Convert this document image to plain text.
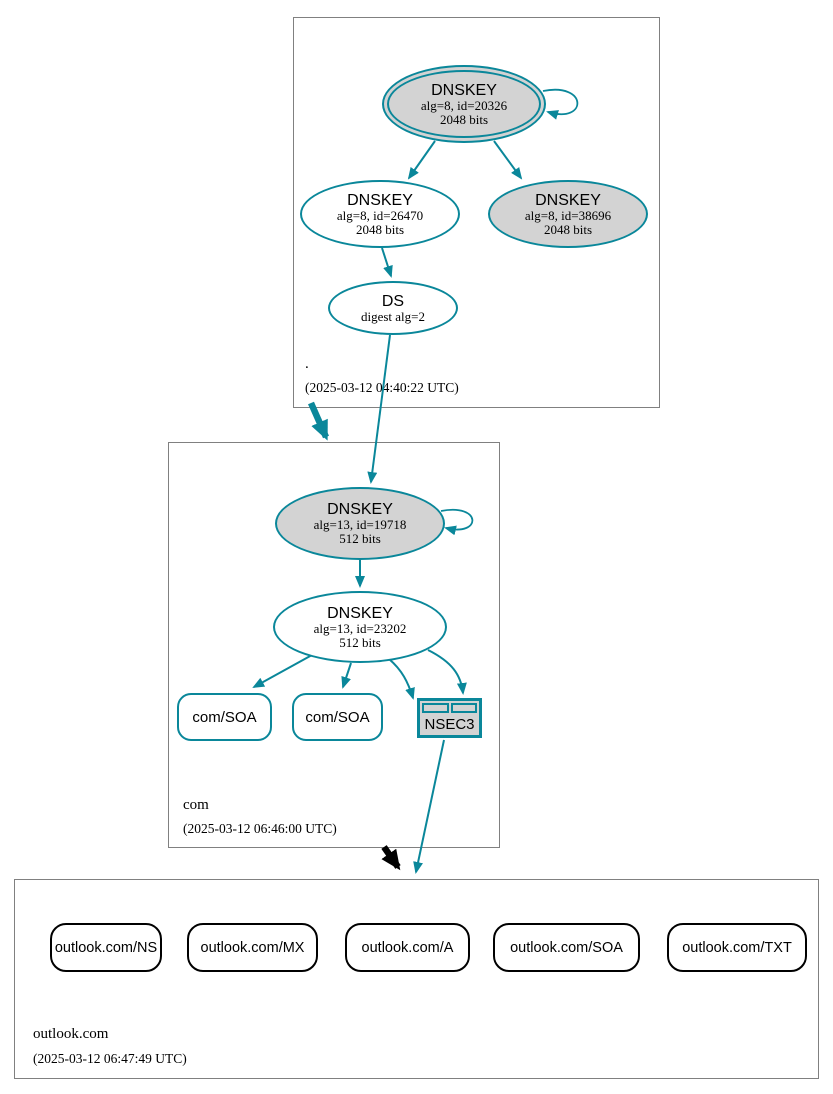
.
(2025-03-12 04:40:22 UTC)
com
(2025-03-12 06:46:00 UTC)
outlook.com
(2025-03-12 06:47:49 UTC)
DNSKEY
alg=8, id=20326
2048 bits
DNSKEY
alg=8, id=26470
2048 bits
DNSKEY
alg=8, id=38696
2048 bits
DS
digest alg=2
DNSKEY
alg=13, id=19718
512 bits
DNSKEY
alg=13, id=23202
512 bits
com/SOA	com/SOA	NSEC3
outlook.com/NS	outlook.com/MX	outlook.com/A	outlook.com/SOA	outlook.com/TXT
